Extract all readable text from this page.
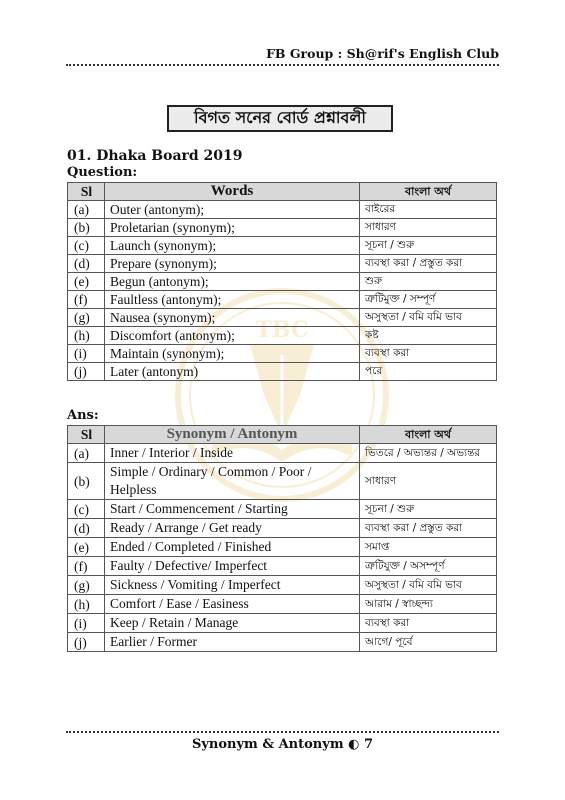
FB Group : Sh@rif's English Club
বিগত সনের বোর্ড প্রশ্নাবলী
01. Dhaka Board 2019
Question:
TBC
Sl	Words	বাংলা অর্থ
(a)	Outer (antonym);	বাইরের
(b)	Proletarian (synonym);	সাধারণ
(c)	Launch (synonym);	সূচনা / শুরু
(d)	Prepare (synonym);	ব্যবস্থা করা / প্রস্তুত করা
(e)	Begun (antonym);	শুরু
(f)	Faultless (antonym);	ত্রুটিমুক্ত / সম্পূর্ণ
(g)	Nausea (synonym);	অসুস্থতা / বমি বমি ভাব
(h)	Discomfort (antonym);	কষ্ট
(i)	Maintain (synonym);	ব্যবস্থা করা
(j)	Later (antonym)	পরে
Ans:
Sl	Synonym / Antonym	বাংলা অর্থ
(a)	Inner / Interior / Inside	ভিতরে / অভ্যন্তর / অভ্যন্তর
(b)	Simple / Ordinary / Common / Poor / Helpless	সাধারণ
(c)	Start / Commencement / Starting	সূচনা / শুরু
(d)	Ready / Arrange / Get ready	ব্যবস্থা করা / প্রস্তুত করা
(e)	Ended / Completed / Finished	সমাপ্ত
(f)	Faulty / Defective/ Imperfect	ত্রুটিযুক্ত / অসম্পূর্ণ
(g)	Sickness / Vomiting / Imperfect	অসুস্থতা / বমি বমি ভাব
(h)	Comfort / Ease / Easiness	আরাম / স্বাচ্ছন্দ্য
(i)	Keep / Retain / Manage	ব্যবস্থা করা
(j)	Earlier / Former	আগে/ পূর্বে
Synonym & Antonym ◐ 7
